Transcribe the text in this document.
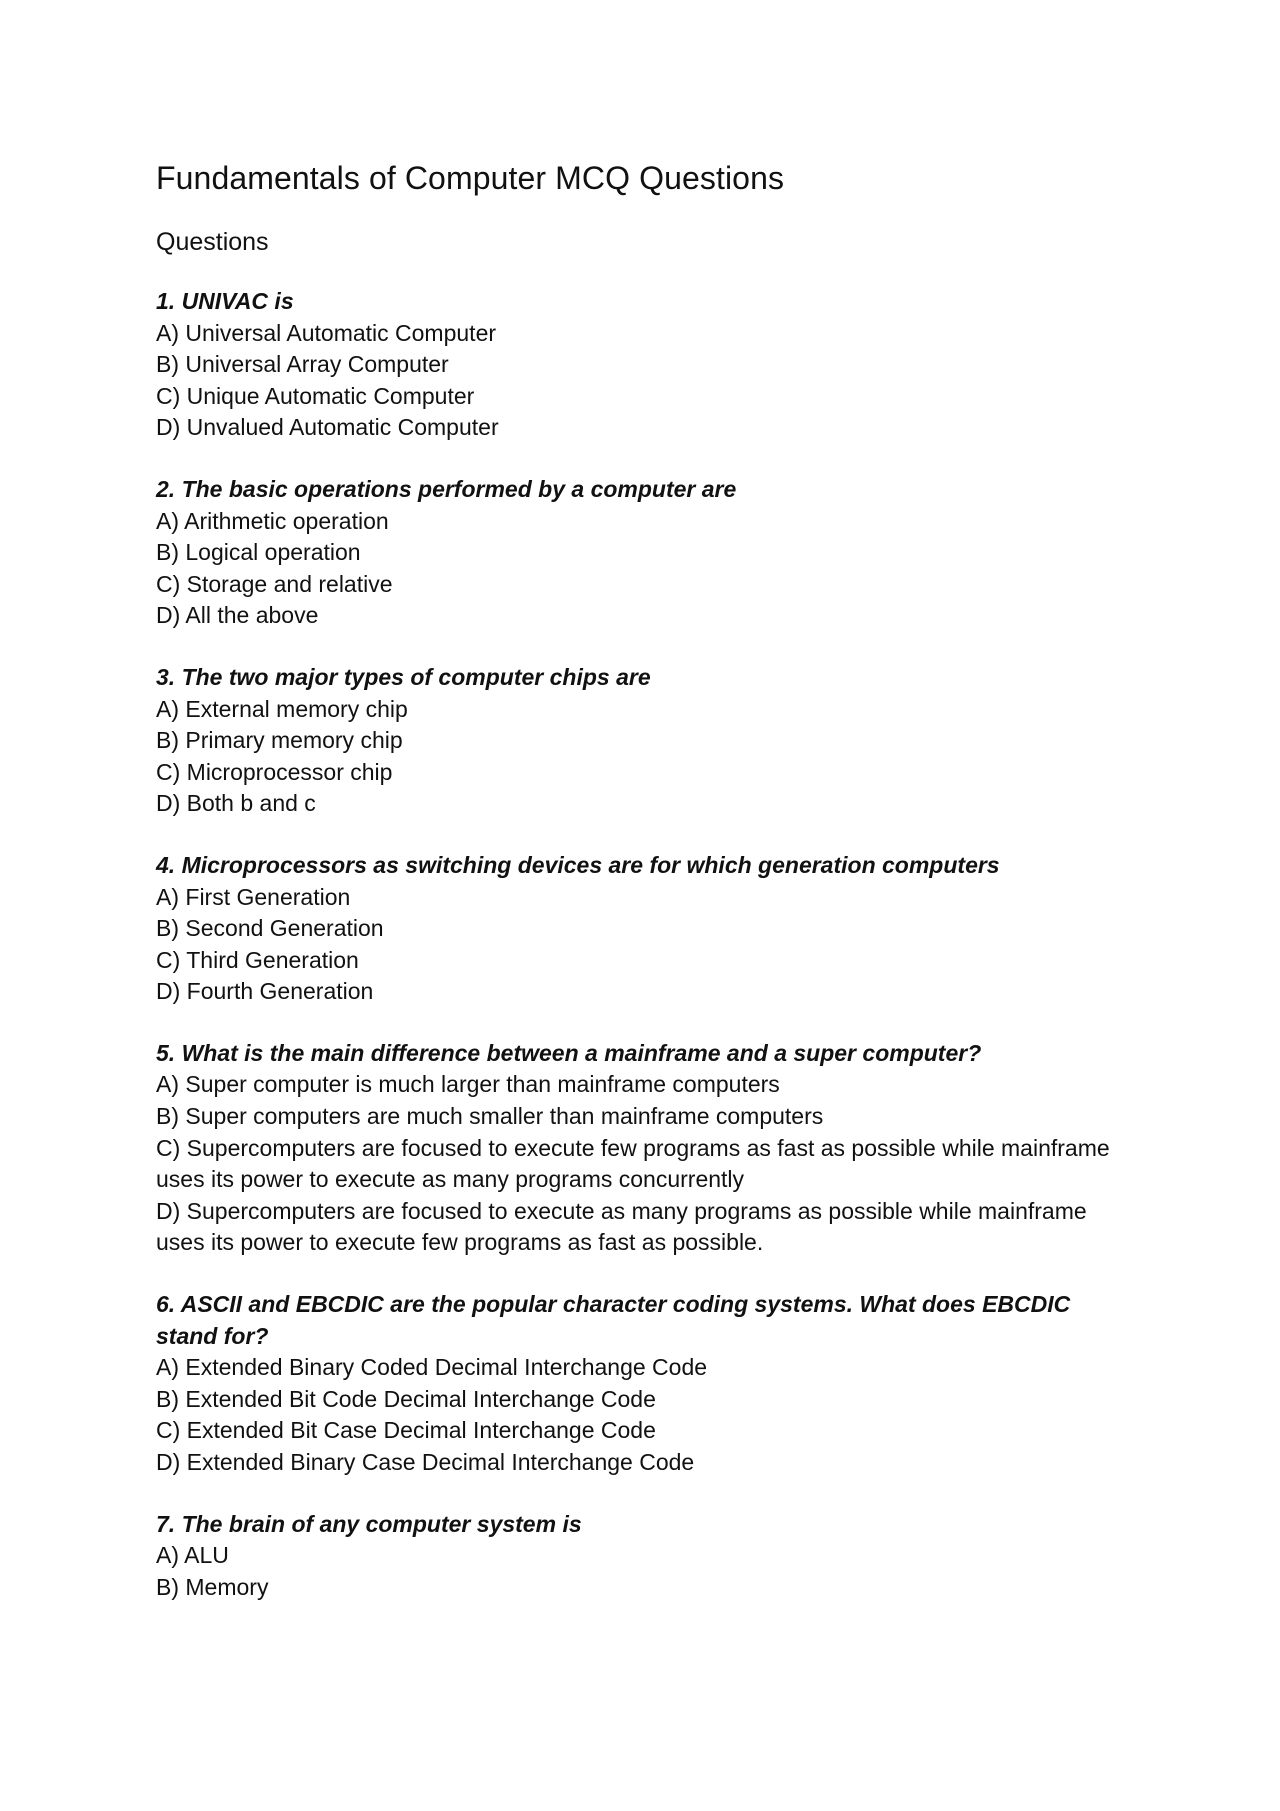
Fundamentals of Computer MCQ Questions
Questions

1. UNIVAC is

A) Universal Automatic Computer
B) Universal Array Computer
C) Unique Automatic Computer
D) Unvalued Automatic Computer

2. The basic operations performed by a computer are

A) Arithmetic operation
B) Logical operation
C) Storage and relative
D) All the above

3. The two major types of computer chips are

A) External memory chip
B) Primary memory chip
C) Microprocessor chip
D) Both b and c

4. Microprocessors as switching devices are for which generation computers

A) First Generation
B) Second Generation
C) Third Generation
D) Fourth Generation

5. What is the main difference between a mainframe and a super computer?

A) Super computer is much larger than mainframe computers
B) Super computers are much smaller than mainframe computers
C) Supercomputers are focused to execute few programs as fast as possible while mainframe uses its power to execute as many programs concurrently
D) Supercomputers are focused to execute as many programs as possible while mainframe uses its power to execute few programs as fast as possible.

6. ASCII and EBCDIC are the popular character coding systems. What does EBCDIC stand for?

A) Extended Binary Coded Decimal Interchange Code
B) Extended Bit Code Decimal Interchange Code
C) Extended Bit Case Decimal Interchange Code
D) Extended Binary Case Decimal Interchange Code

7. The brain of any computer system is

A) ALU
B) Memory
